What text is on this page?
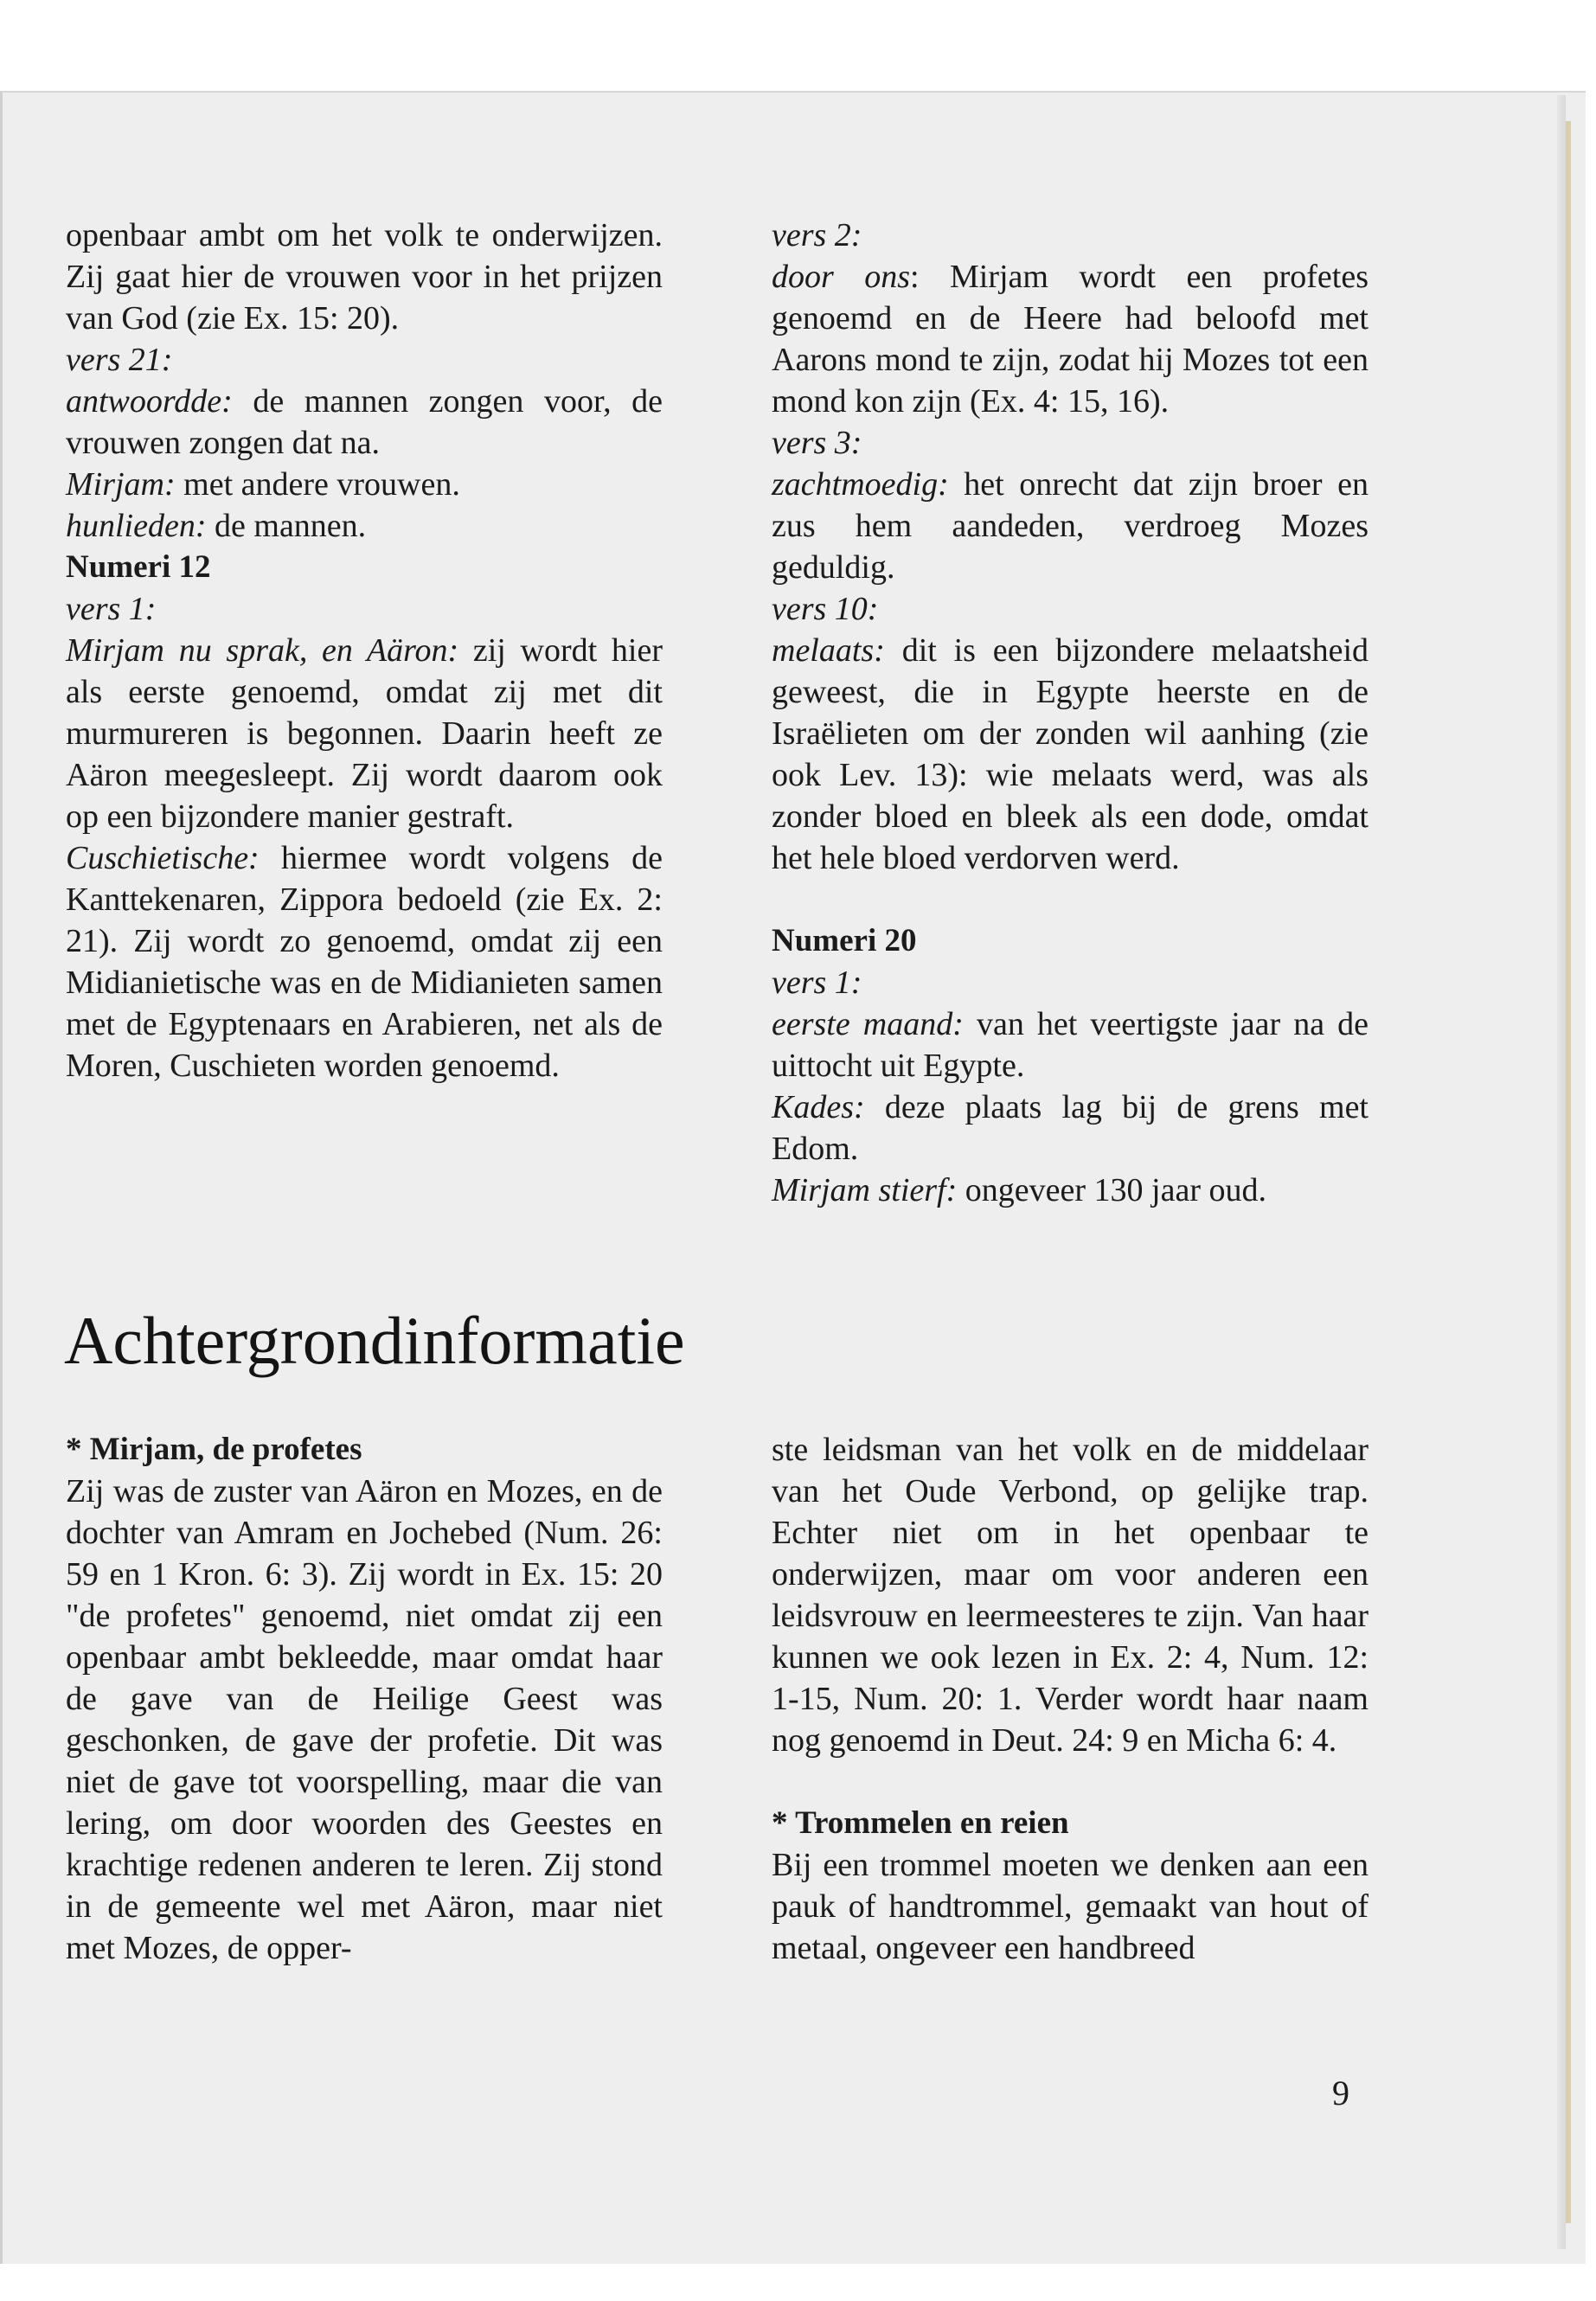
openbaar ambt om het volk te onderwijzen. Zij gaat hier de vrouwen voor in het prijzen van God (zie Ex. 15: 20).

vers 21:

antwoordde: de mannen zongen voor, de vrouwen zongen dat na.

Mirjam: met andere vrouwen.

hunlieden: de mannen.

Numeri 12

vers 1:

Mirjam nu sprak, en Aäron: zij wordt hier als eerste genoemd, omdat zij met dit murmureren is begonnen. Daarin heeft ze Aäron meegesleept. Zij wordt daarom ook op een bijzondere manier gestraft.

Cuschietische: hiermee wordt volgens de Kanttekenaren, Zippora bedoeld (zie Ex. 2: 21). Zij wordt zo genoemd, omdat zij een Midianietische was en de Midianieten samen met de Egyptenaars en Arabieren, net als de Moren, Cuschieten worden genoemd.

vers 2:

door ons: Mirjam wordt een profetes genoemd en de Heere had beloofd met Aarons mond te zijn, zodat hij Mozes tot een mond kon zijn (Ex. 4: 15, 16).

vers 3:

zachtmoedig: het onrecht dat zijn broer en zus hem aandeden, verdroeg Mozes geduldig.

vers 10:

melaats: dit is een bijzondere melaatsheid geweest, die in Egypte heerste en de Israëlieten om der zonden wil aanhing (zie ook Lev. 13): wie melaats werd, was als zonder bloed en bleek als een dode, omdat het hele bloed verdorven werd.

Numeri 20

vers 1:

eerste maand: van het veertigste jaar na de uittocht uit Egypte.

Kades: deze plaats lag bij de grens met Edom.

Mirjam stierf: ongeveer 130 jaar oud.

Achtergrondinformatie
* Mirjam, de profetes

Zij was de zuster van Aäron en Mozes, en de dochter van Amram en Jochebed (Num. 26: 59 en 1 Kron. 6: 3). Zij wordt in Ex. 15: 20 "de profetes" genoemd, niet omdat zij een openbaar ambt bekleedde, maar omdat haar de gave van de Heilige Geest was geschonken, de gave der profetie. Dit was niet de gave tot voorspelling, maar die van lering, om door woorden des Geestes en krachtige redenen anderen te leren. Zij stond in de gemeente wel met Aäron, maar niet met Mozes, de opper-

ste leidsman van het volk en de middelaar van het Oude Verbond, op gelijke trap. Echter niet om in het openbaar te onderwijzen, maar om voor anderen een leidsvrouw en leermeesteres te zijn. Van haar kunnen we ook lezen in Ex. 2: 4, Num. 12: 1-15, Num. 20: 1. Verder wordt haar naam nog genoemd in Deut. 24: 9 en Micha 6: 4.

* Trommelen en reien

Bij een trommel moeten we denken aan een pauk of handtrommel, gemaakt van hout of metaal, ongeveer een handbreed

9
